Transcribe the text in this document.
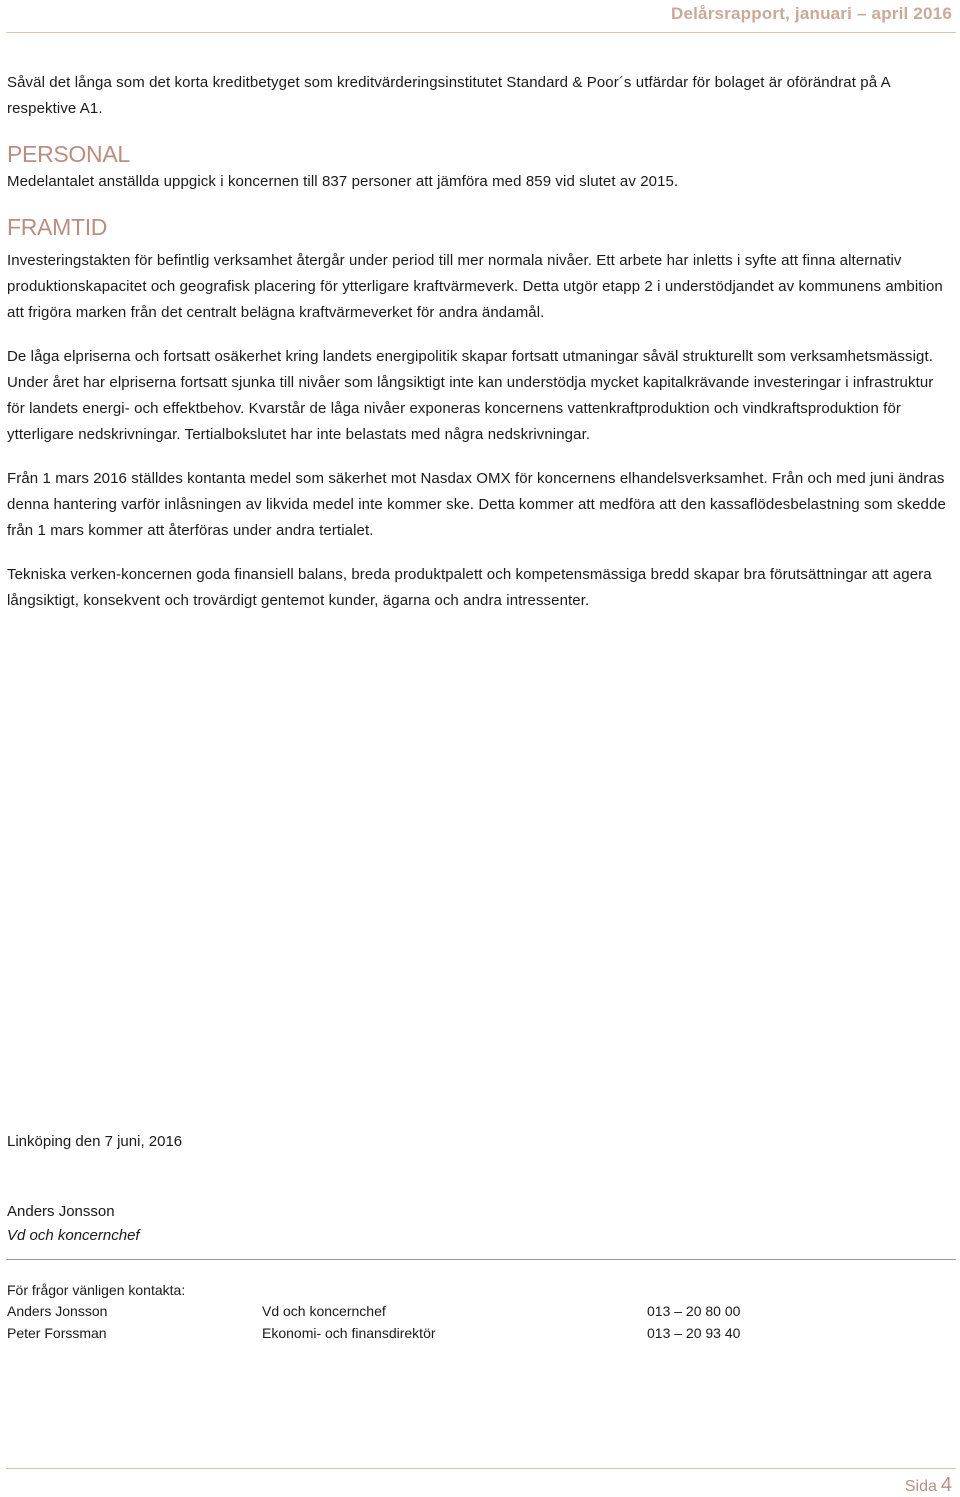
Delårsrapport, januari – april 2016

Såväl det långa som det korta kreditbetyget som kreditvärderingsinstitutet Standard & Poor´s utfärdar för bolaget är oförändrat på A respektive A1.

PERSONAL

Medelantalet anställda uppgick i koncernen till 837 personer att jämföra med 859 vid slutet av 2015.

FRAMTID

Investeringstakten för befintlig verksamhet återgår under period till mer normala nivåer. Ett arbete har inletts i syfte att finna alternativ produktionskapacitet och geografisk placering för ytterligare kraftvärmeverk. Detta utgör etapp 2 i understödjandet av kommunens ambition att frigöra marken från det centralt belägna kraftvärmeverket för andra ändamål.

De låga elpriserna och fortsatt osäkerhet kring landets energipolitik skapar fortsatt utmaningar såväl strukturellt som verksamhetsmässigt. Under året har elpriserna fortsatt sjunka till nivåer som långsiktigt inte kan understödja mycket kapitalkrävande investeringar i infrastruktur för landets energi- och effektbehov. Kvarstår de låga nivåer exponeras koncernens vattenkraftproduktion och vindkraftsproduktion för ytterligare nedskrivningar. Tertialbokslutet har inte belastats med några nedskrivningar.

Från 1 mars 2016 ställdes kontanta medel som säkerhet mot Nasdax OMX för koncernens elhandelsverksamhet. Från och med juni ändras denna hantering varför inlåsningen av likvida medel inte kommer ske. Detta kommer att medföra att den kassaflödesbelastning som skedde från 1 mars kommer att återföras under andra tertialet.

Tekniska verken-koncernen goda finansiell balans, breda produktpalett och kompetensmässiga bredd skapar bra förutsättningar att agera långsiktigt, konsekvent och trovärdigt gentemot kunder, ägarna och andra intressenter.

Linköping den 7 juni, 2016
Anders Jonsson
Vd och koncernchef
För frågor vänligen kontakta:
Anders Jonsson	Vd och koncernchef	013 – 20 80 00
Peter Forssman	Ekonomi- och finansdirektör	013 – 20 93 40
Sida 4
